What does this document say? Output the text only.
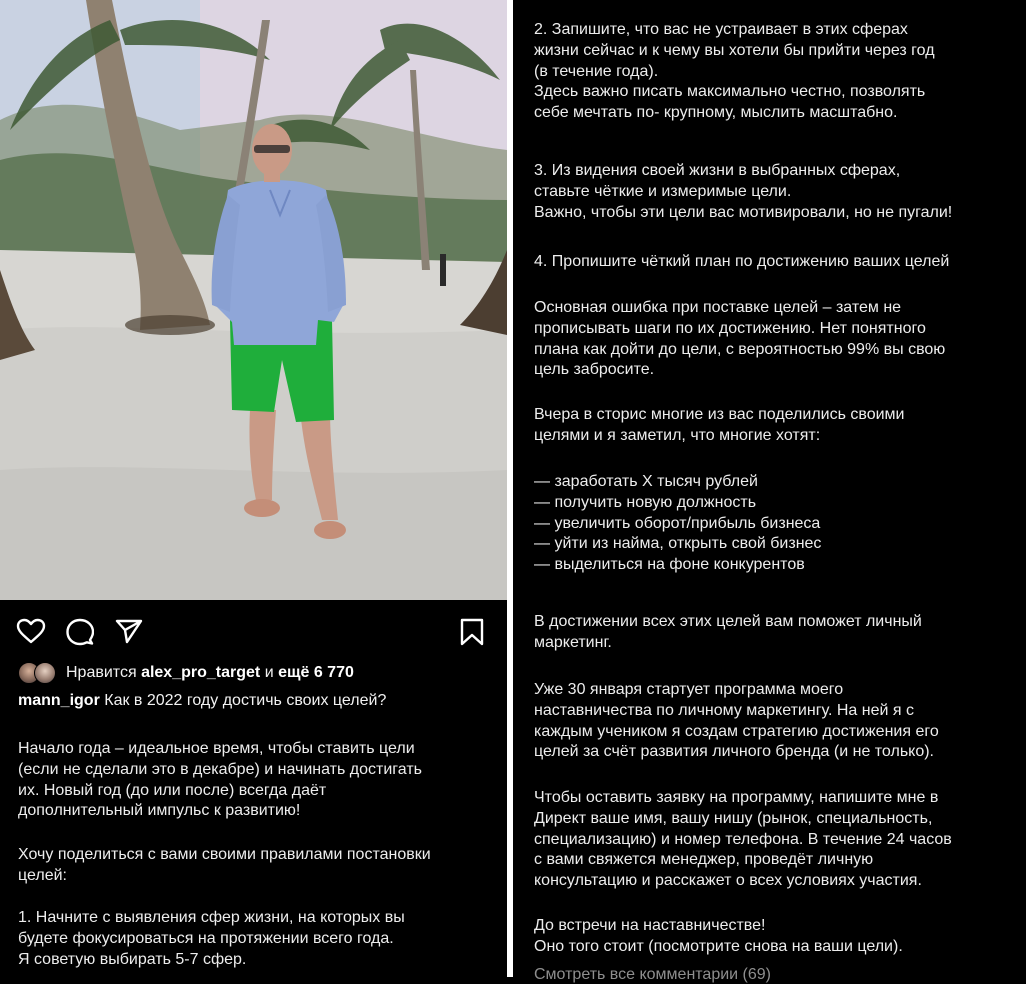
Нравится
alex_pro_target
и
ещё 6 770
mann_igor Как в 2022 году достичь своих целей?

Начало года – идеальное время, чтобы ставить цели
(если не сделали это в декабре) и начинать достигать
их. Новый год (до или после) всегда даёт
дополнительный импульс к развитию!

Хочу поделиться с вами своими правилами постановки
целей:

1. Начните с выявления сфер жизни, на которых вы
будете фокусироваться на протяжении всего года.
Я советую выбирать 5-7 сфер.

2. Запишите, что вас не устраивает в этих сферах
жизни сейчас и к чему вы хотели бы прийти через год
(в течение года).
Здесь важно писать максимально честно, позволять
себе мечтать по- крупному, мыслить масштабно.

3. Из видения своей жизни в выбранных сферах,
ставьте чёткие и измеримые цели.
Важно, чтобы эти цели вас мотивировали, но не пугали!

4. Пропишите чёткий план по достижению ваших целей

Основная ошибка при поставке целей – затем не
прописывать шаги по их достижению. Нет понятного
плана как дойти до цели, с вероятностью 99% вы свою
цель забросите.

Вчера в сторис многие из вас поделились своими
целями и я заметил, что многие хотят:

— заработать Х тысяч рублей
— получить новую должность
— увеличить оборот/прибыль бизнеса
— уйти из найма, открыть свой бизнес
— выделиться на фоне конкурентов

В достижении всех этих целей вам поможет личный
маркетинг.

Уже 30 января стартует программа моего
наставничества по личному маркетингу. На ней я с
каждым учеником я создам стратегию достижения его
целей за счёт развития личного бренда (и не только).

Чтобы оставить заявку на программу, напишите мне в
Директ ваше имя, вашу нишу (рынок, специальность,
специализацию) и номер телефона. В течение 24 часов
с вами свяжется менеджер, проведёт личную
консультацию и расскажет о всех условиях участия.

До встречи на наставничестве!
Оно того стоит (посмотрите снова на ваши цели).

Смотреть все комментарии (69)
